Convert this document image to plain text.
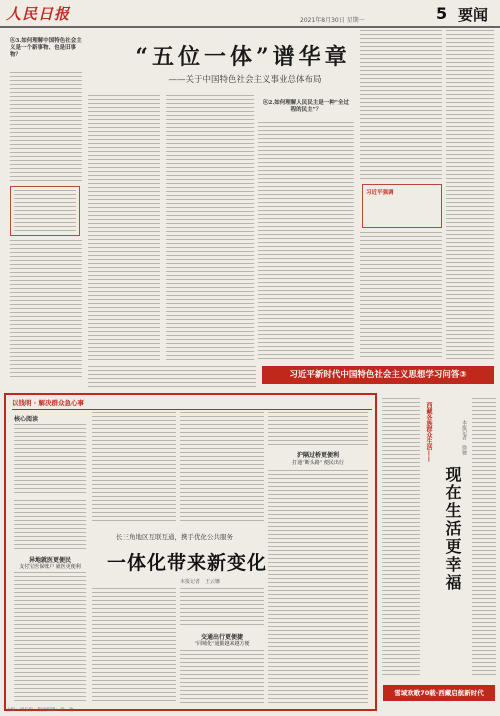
人民日报	2021年8月30日 星期一	5 要闻
⑥3.如何理解中国特色社会主义是一个新事物、也是旧事物？	“五位一体”谱华章
——关于中国特色社会主义事业总体布局
⑥2.如何理解人民民主是一种“全过程的民主”？
习近平强调
习近平新时代中国特色社会主义思想学习问答③
以钱明 · 解决群众急心事
核心阅读
异地就医更便民
支付宝医保账户 就医更便利
沪隔过桥更便利
打通“断头路” 便民出行
长三角地区互联互通，携手优化公共服务
一体化带来新变化
本报记者　王云娜
交通出行更便捷
“同城化”通勤越来越方便
西藏各族群众生活——
现在生活更幸福
本报记者　徐驰
雪域欢歌70载·西藏启航新时代
主编：刘长海　版面编辑：徐　冶
